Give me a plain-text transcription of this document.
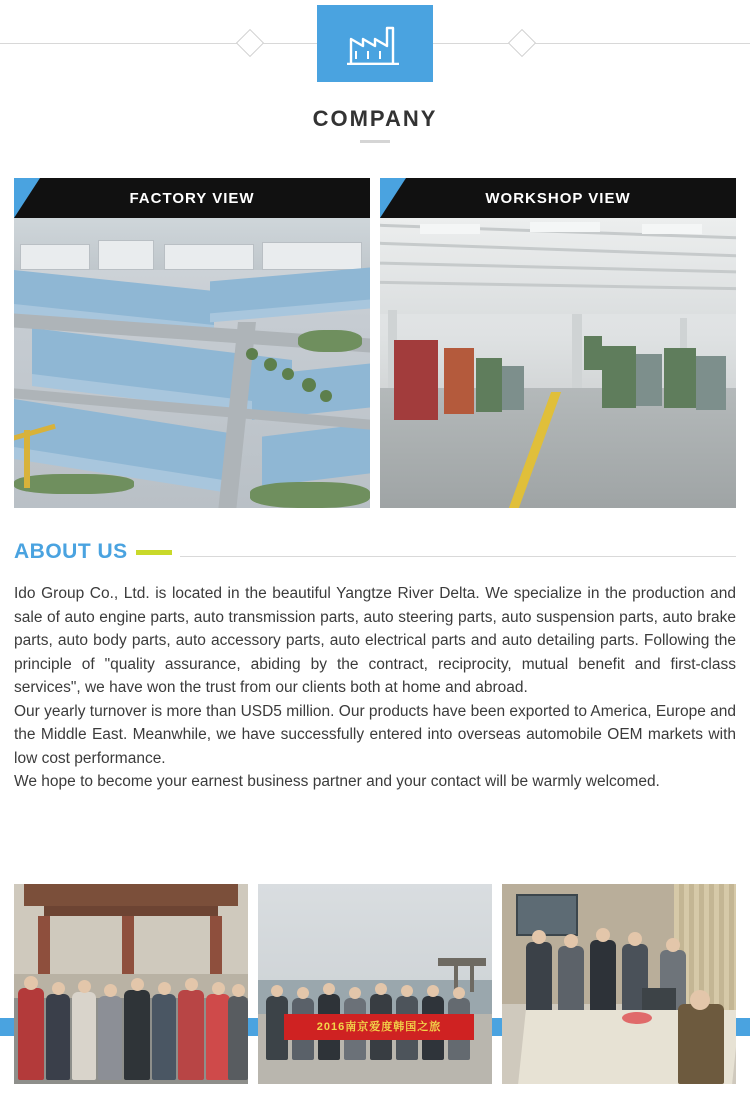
COMPANY
FACTORY VIEW	WORKSHOP VIEW
ABOUT US

Ido Group Co., Ltd. is located in the beautiful Yangtze River Delta. We specialize in the production and sale of auto engine parts, auto transmission parts, auto steering parts, auto suspension parts, auto brake parts, auto body parts, auto accessory parts, auto electrical parts and auto detailing parts. Following the principle of "quality assurance, abiding by the contract, reciprocity, mutual benefit and first-class services", we have won the trust from our clients both at home and abroad.

Our yearly turnover is more than USD5 million. Our products have been exported to America, Europe and the Middle East. Meanwhile, we have successfully entered into overseas automobile OEM markets with low cost performance.

We hope to become your earnest business partner and your contact will be warmly welcomed.

2016南京爱度韩国之旅
